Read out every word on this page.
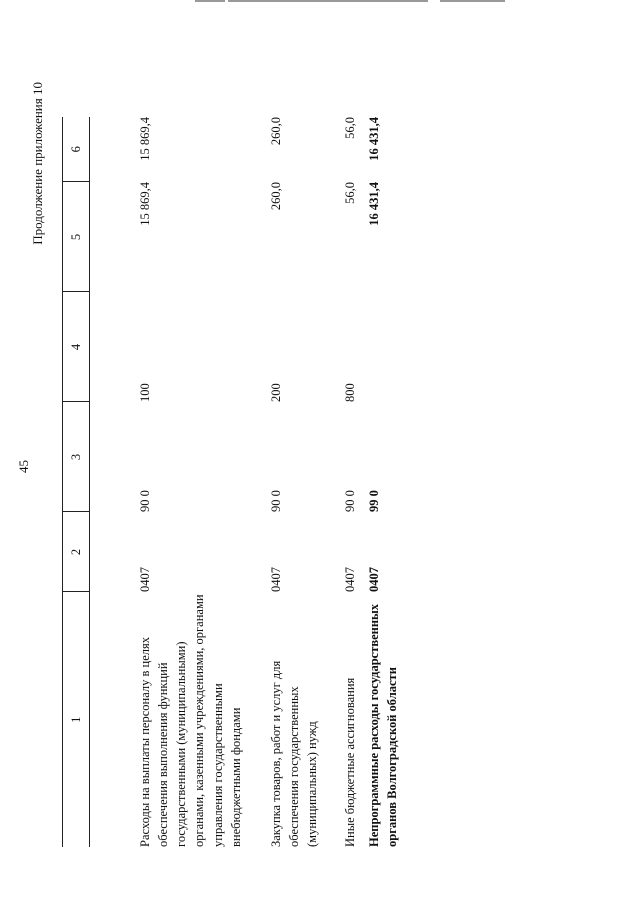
45
Продолжение приложения 10
1	2	3	4	5	6

Расходы на выплаты персоналу в целях обеспечения выполнения функций государственными (муниципальными) органами, казенными учреждениями, органами управления государственными внебюджетными фондами	0407	90 0	100	15 869,4	15 869,4

Закупка товаров, работ и услуг для обеспечения государственных (муниципальных) нужд	0407	90 0	200	260,0	260,0

Иные бюджетные ассигнования	0407	90 0	800	56,0	56,0

Непрограммные расходы государственных органов Волгоградской области	0407	99 0		16 431,4	16 431,4
